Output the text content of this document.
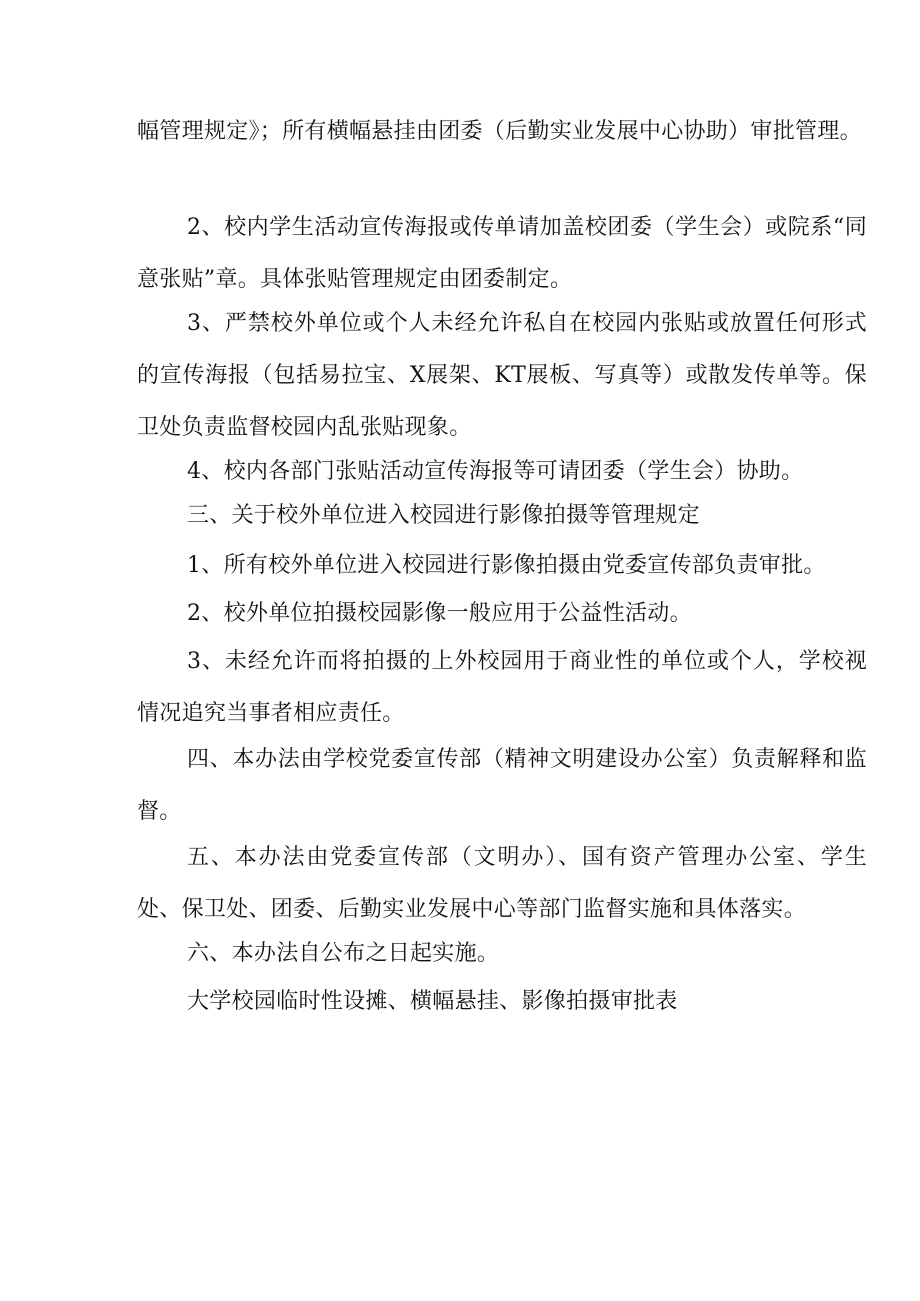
幅管理规定》；所有横幅悬挂由团委（后勤实业发展中心协助）审批管理。

2、校内学生活动宣传海报或传单请加盖校团委（学生会）或院系“同意张贴”章。具体张贴管理规定由团委制定。

3、严禁校外单位或个人未经允许私自在校园内张贴或放置任何形式的宣传海报（包括易拉宝、X展架、KT展板、写真等）或散发传单等。保卫处负责监督校园内乱张贴现象。

4、校内各部门张贴活动宣传海报等可请团委（学生会）协助。

三、关于校外单位进入校园进行影像拍摄等管理规定

1、所有校外单位进入校园进行影像拍摄由党委宣传部负责审批。

2、校外单位拍摄校园影像一般应用于公益性活动。

3、未经允许而将拍摄的上外校园用于商业性的单位或个人，学校视情况追究当事者相应责任。

四、本办法由学校党委宣传部（精神文明建设办公室）负责解释和监督。

五、本办法由党委宣传部（文明办）、国有资产管理办公室、学生处、保卫处、团委、后勤实业发展中心等部门监督实施和具体落实。

六、本办法自公布之日起实施。

大学校园临时性设摊、横幅悬挂、影像拍摄审批表
